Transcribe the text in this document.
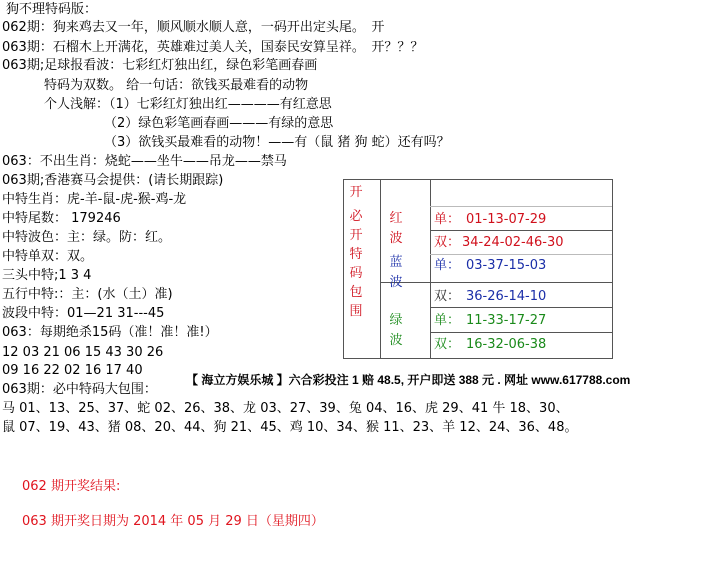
狗不理特码版：
062期：狗来鸡去又一年，顺风顺水顺人意，一码开出定头尾。　开
063期：石榴木上开满花，英雄难过美人关，国泰民安算呈祥。　开？？？
063期;足球报看波：七彩红灯独出红，绿色彩笔画春画
特码为双数。 给一句话：欲钱买最难看的动物
个人浅解：（1）七彩红灯独出红————有红意思
（2）绿色彩笔画春画———有绿的意思
（3）欲钱买最难看的动物！——有（鼠 猪 狗 蛇）还有吗？
063：不出生肖：烧蛇——坐牛——吊龙——禁马
063期;香港赛马会提供：(请长期跟踪)
中特生肖：虎-羊-鼠-虎-猴-鸡-龙
中特尾数： 179246
中特波色：主：绿。防：红。
中特单双：双。
三头中特;1 3 4
五行中特:：主：(水（土）准)
波段中特：01—21 31---45
063：每期绝杀15码（准！准！准!）
12 03 21 06 15 43 30 26
09 16 22 02 16 17 40
063期：必中特码大包围：
马 01、13、25、37、蛇 02、26、38、龙 03、27、39、兔 04、16、虎 29、41 牛 18、30、
鼠 07、19、43、猪 08、20、44、狗 21、45、鸡 10、34、猴 11、23、羊 12、24、36、48。
【 海立方娱乐城 】六合彩投注 1 赔 48.5, 开户即送 388 元 . 网址 www.617788.com
062 期开奖结果:
063 期开奖日期为 2014 年 05 月 29 日（星期四）
开
必
开
特
码
包
围
红
波
蓝
波
绿
波
单： 01-13-07-29
双： 34-24-02-46-30
单： 03-37-15-03
双： 36-26-14-10
单： 11-33-17-27
双： 16-32-06-38
